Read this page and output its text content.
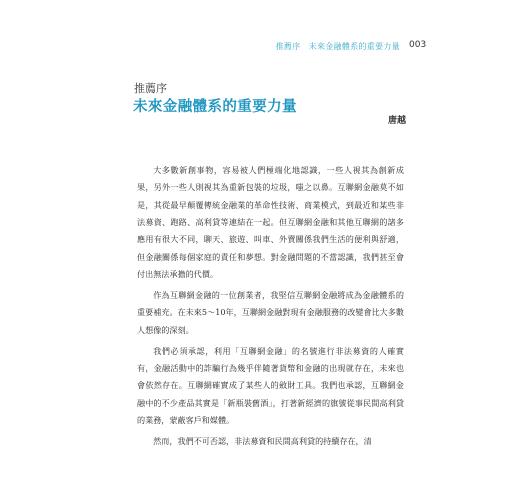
推薦序　未來金融體系的重要力量 003
推薦序
未來金融體系的重要力量
唐越

大多數新創事物，容易被人們極端化地認識，一些人視其為創新成果，另外一些人則視其為重新包裝的垃圾，嗤之以鼻。互聯網金融莫不如是，其從最早顛覆傳統金融業的革命性技術、商業模式，到最近和某些非法募資、跑路、高利貸等連結在一起。但互聯網金融和其他互聯網的諸多應用有很大不同，聊天、旅遊、叫車、外賣關係我們生活的便利與舒適，但金融關係每個家庭的責任和夢想。對金融問題的不當認識，我們甚至會付出無法承擔的代價。

作為互聯網金融的一位創業者，我堅信互聯網金融將成為金融體系的重要補充。在未來5～10年，互聯網金融對現有金融服務的改變會比大多數人想像的深刻。

我們必須承認，利用「互聯網金融」的名號進行非法募資的人確實有，金融活動中的詐騙行為幾乎伴隨著貨幣和金融的出現就存在，未來也會依然存在。互聯網確實成了某些人的斂財工具。我們也承認，互聯網金融中的不少產品其實是「新瓶裝舊酒」，打著新經濟的旗號從事民間高利貸的業務，蒙蔽客戶和媒體。

然而，我們不可否認，非法募資和民間高利貸的持續存在，清
